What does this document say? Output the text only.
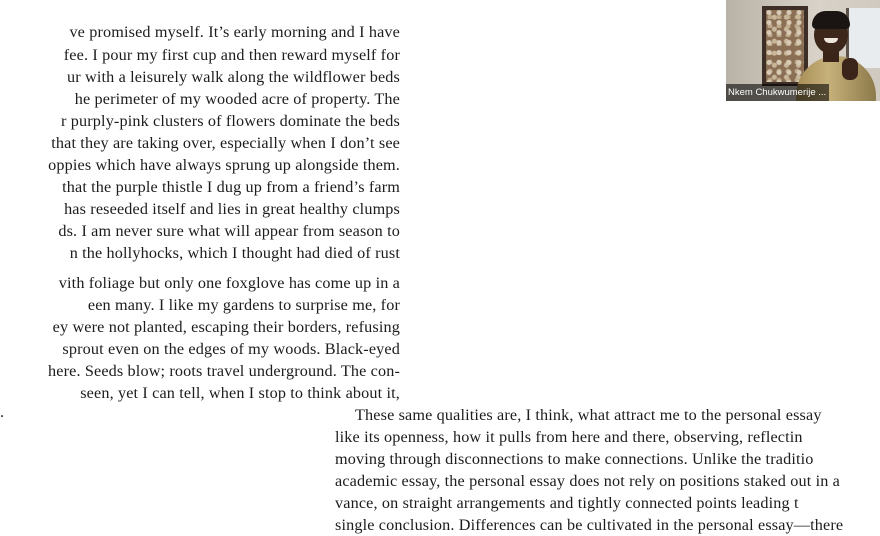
ve promised myself. It’s early morning and I have
fee. I pour my first cup and then reward myself for
ur with a leisurely walk along the wildflower beds
he perimeter of my wooded acre of property. The
r purply-pink clusters of flowers dominate the beds
that they are taking over, especially when I don’t see
oppies which have always sprung up alongside them.
that the purple thistle I dug up from a friend’s farm
has reseeded itself and lies in great healthy clumps
ds. I am never sure what will appear from season to
n the hollyhocks, which I thought had died of rust
vith foliage but only one foxglove has come up in a
een many. I like my gardens to surprise me, for
ey were not planted, escaping their borders, refusing
sprout even on the edges of my woods. Black-eyed
here. Seeds blow; roots travel underground. The con-
seen, yet I can tell, when I stop to think about it,
.	These same qualities are, I think, what attract me to the personal essay
like its openness, how it pulls from here and there, observing, reflectin
moving through disconnections to make connections. Unlike the traditio
academic essay, the personal essay does not rely on positions staked out in a
vance, on straight arrangements and tightly connected points leading t
single conclusion. Differences can be cultivated in the personal essay—there
Nkem Chukwumerije ...
